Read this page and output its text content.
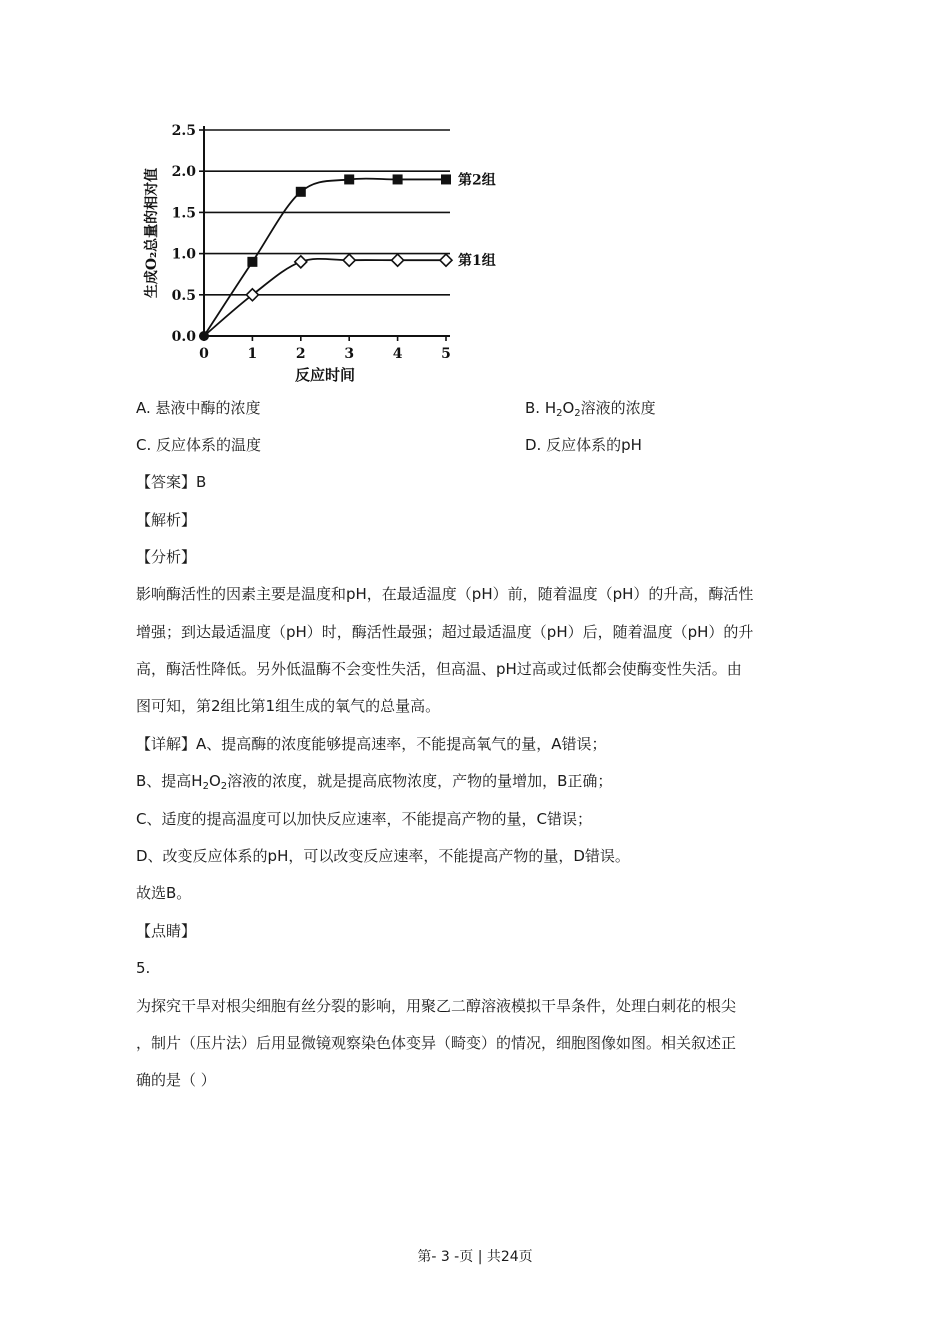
0.0
0.5
1.0
1.5
2.0
2.5
0	1	2	3	4	5
反应时间
生成O₂总量的相对值	第2组
第1组
A. 悬液中酶的浓度	B. $H_2O_2$溶液的浓度
C. 反应体系的温度	D. 反应体系的pH
【答案】B
【解析】
【分析】
影响酶活性的因素主要是温度和pH，在最适温度（pH）前，随着温度（pH）的升高，酶活性
增强；到达最适温度（pH）时，酶活性最强；超过最适温度（pH）后，随着温度（pH）的升
高，酶活性降低。另外低温酶不会变性失活，但高温、pH过高或过低都会使酶变性失活。由
图可知，第2组比第1组生成的氧气的总量高。
【详解】A、提高酶的浓度能够提高速率，不能提高氧气的量，A错误；
B、提高$H_2O_2$溶液的浓度，就是提高底物浓度，产物的量增加，B正确；
C、适度的提高温度可以加快反应速率，不能提高产物的量，C错误；
D、改变反应体系的pH，可以改变反应速率，不能提高产物的量，D错误。
故选B。
【点睛】
5.
为探究干旱对根尖细胞有丝分裂的影响，用聚乙二醇溶液模拟干旱条件，处理白刺花的根尖
，制片（压片法）后用显微镜观察染色体变异（畸变）的情况，细胞图像如图。相关叙述正
确的是（ ）
第- 3 -页 | 共24页
